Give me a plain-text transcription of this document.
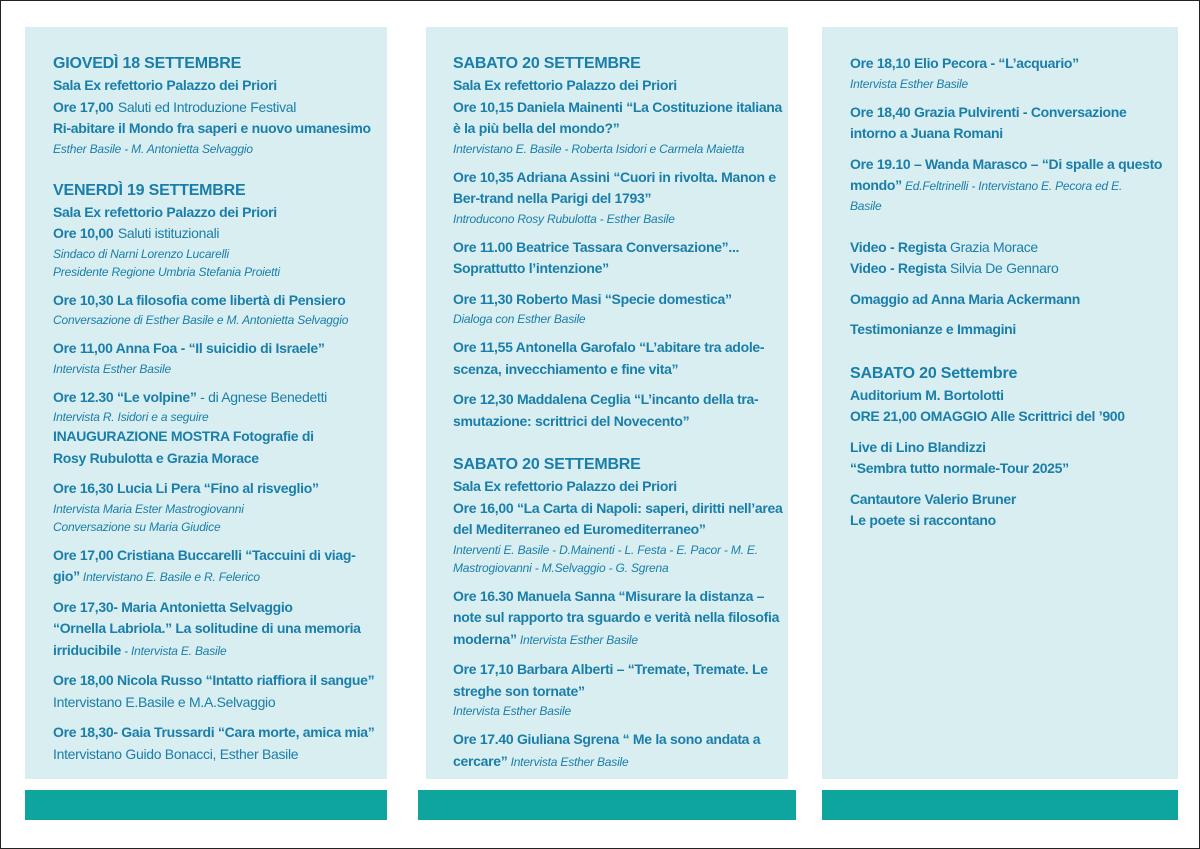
GIOVEDÌ 18 SETTEMBRE
Sala Ex refettorio Palazzo dei Priori
Ore 17,00 Saluti ed Introduzione Festival
Ri-abitare il Mondo fra saperi e nuovo umanesimo
Esther Basile - M. Antonietta Selvaggio
VENERDÌ 19 SETTEMBRE
Sala Ex refettorio Palazzo dei Priori
Ore 10,00 Saluti istituzionali
Sindaco di Narni Lorenzo Lucarelli
Presidente Regione Umbria Stefania Proietti
Ore 10,30 La filosofia come libertà di Pensiero
Conversazione di Esther Basile e M. Antonietta Selvaggio
Ore 11,00 Anna Foa - “Il suicidio di Israele”
Intervista Esther Basile
Ore 12.30 “Le volpine” - di Agnese Benedetti
Intervista R. Isidori e a seguire
INAUGURAZIONE MOSTRA Fotografie di
Rosy Rubulotta e Grazia Morace
Ore 16,30 Lucia Li Pera “Fino al risveglio”
Intervista Maria Ester Mastrogiovanni
Conversazione su Maria Giudice
Ore 17,00 Cristiana Buccarelli “Taccuini di viag-
gio” Intervistano E. Basile e R. Felerico
Ore 17,30- Maria Antonietta Selvaggio
“Ornella Labriola.” La solitudine di una memoria
irriducibile - Intervista E. Basile
Ore 18,00 Nicola Russo “Intatto riaffiora il sangue”
Intervistano E.Basile e M.A.Selvaggio
Ore 18,30- Gaia Trussardi “Cara morte, amica mia”
Intervistano Guido Bonacci, Esther Basile
SABATO 20 SETTEMBRE
Sala Ex refettorio Palazzo dei Priori
Ore 10,15 Daniela Mainenti “La Costituzione italiana
è la più bella del mondo?”
Intervistano E. Basile - Roberta Isidori e Carmela Maietta
Ore 10,35 Adriana Assini “Cuori in rivolta. Manon e
Ber-trand nella Parigi del 1793”
Introducono Rosy Rubulotta - Esther Basile
Ore 11.00 Beatrice Tassara Conversazione”...
Soprattutto l’intenzione”
Ore 11,30 Roberto Masi “Specie domestica”
Dialoga con Esther Basile
Ore 11,55 Antonella Garofalo “L’abitare tra adole-
scenza, invecchiamento e fine vita”
Ore 12,30 Maddalena Ceglia “L’incanto della tra-
smutazione: scrittrici del Novecento”
SABATO 20 SETTEMBRE
Sala Ex refettorio Palazzo dei Priori
Ore 16,00 “La Carta di Napoli: saperi, diritti nell’area
del Mediterraneo ed Euromediterraneo”
Interventi E. Basile - D.Mainenti - L. Festa - E. Pacor - M. E.
Mastrogiovanni - M.Selvaggio - G. Sgrena
Ore 16.30 Manuela Sanna “Misurare la distanza –
note sul rapporto tra sguardo e verità nella filosofia
moderna” Intervista Esther Basile
Ore 17,10 Barbara Alberti – “Tremate, Tremate. Le
streghe son tornate”
Intervista Esther Basile
Ore 17.40 Giuliana Sgrena “ Me la sono andata a
cercare” Intervista Esther Basile
Ore 18,10 Elio Pecora - “L’acquario”
Intervista Esther Basile
Ore 18,40 Grazia Pulvirenti - Conversazione
intorno a Juana Romani
Ore 19.10 – Wanda Marasco – “Di spalle a questo
mondo” Ed.Feltrinelli - Intervistano E. Pecora ed E.
Basile
Video - Regista Grazia Morace
Video - Regista Silvia De Gennaro
Omaggio ad Anna Maria Ackermann
Testimonianze e Immagini
SABATO 20 Settembre
Auditorium M. Bortolotti
ORE 21,00 OMAGGIO Alle Scrittrici del ’900
Live di Lino Blandizzi
“Sembra tutto normale-Tour 2025”
Cantautore Valerio Bruner
Le poete si raccontano
